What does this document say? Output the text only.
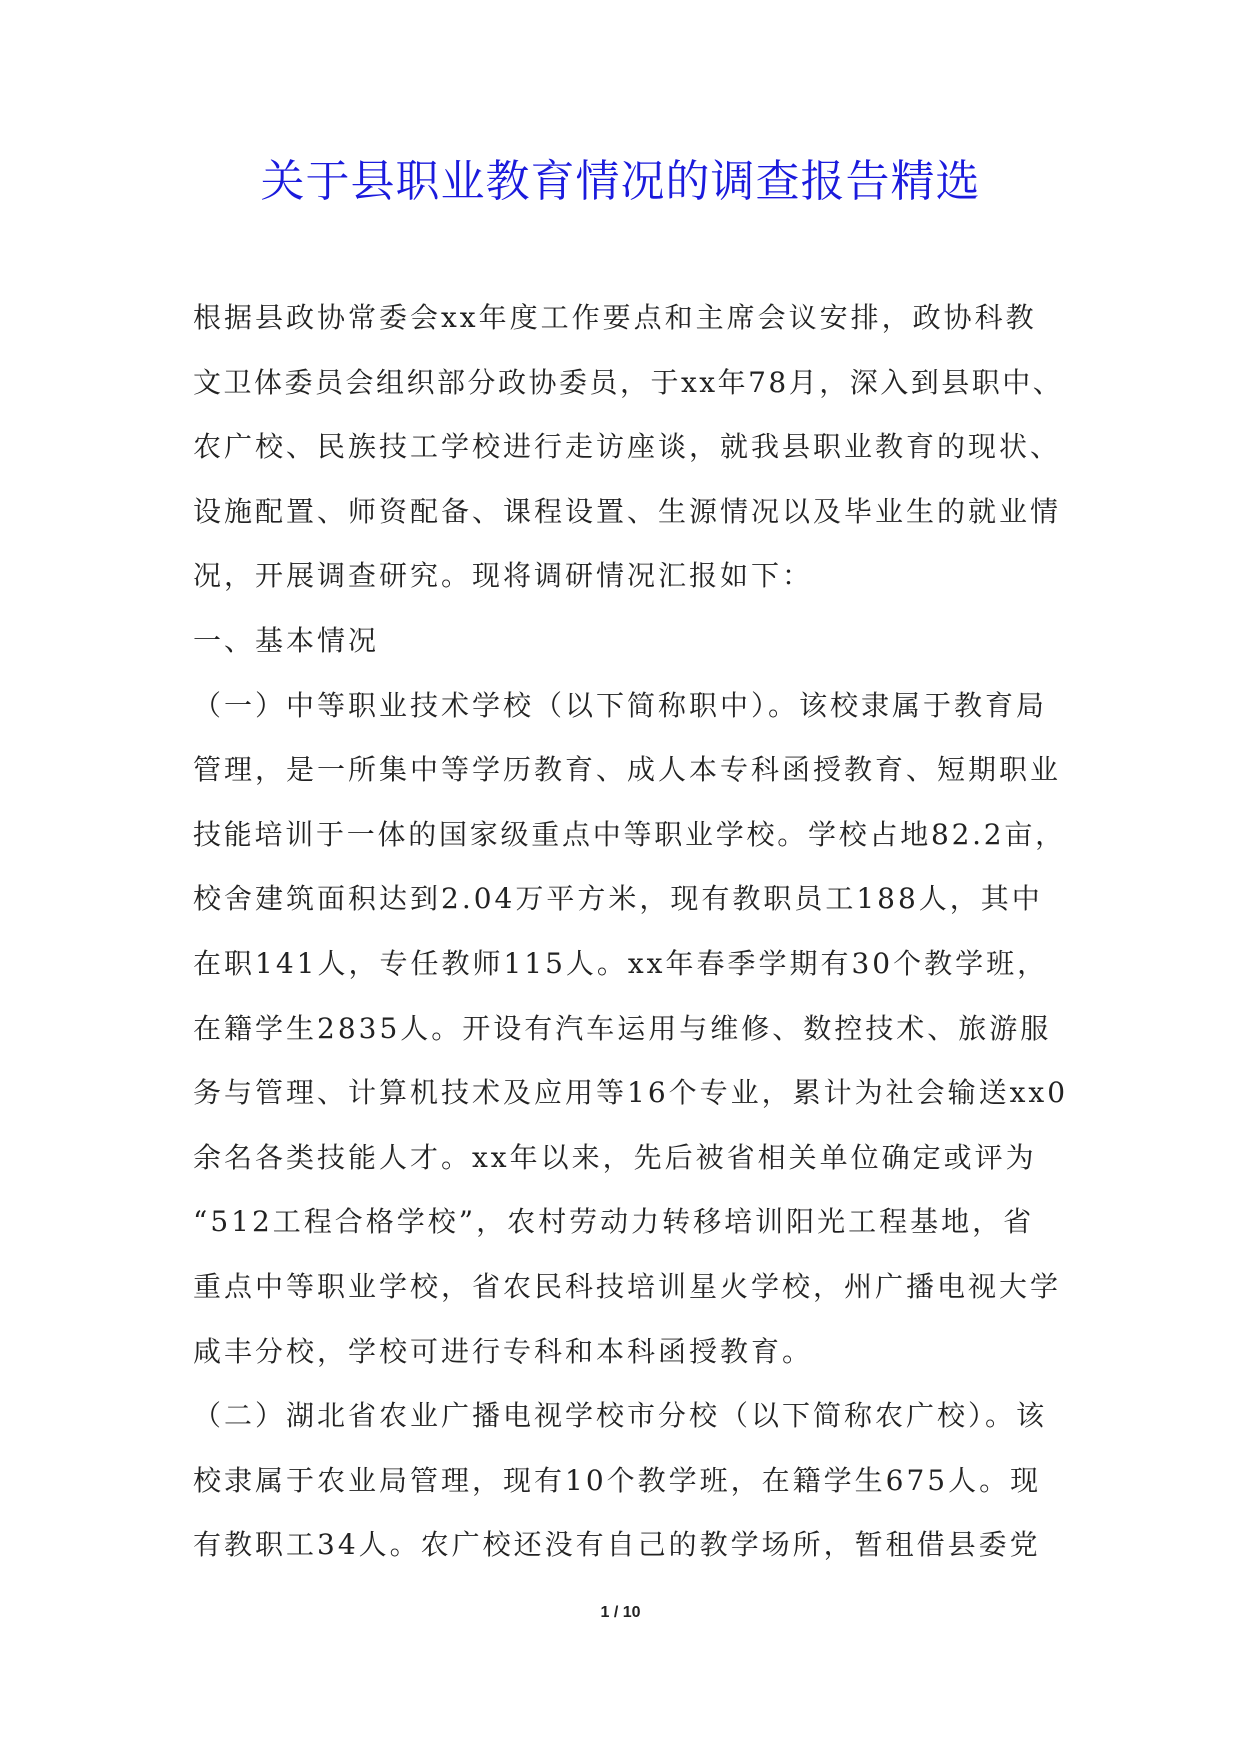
关于县职业教育情况的调查报告精选
根据县政协常委会xx年度工作要点和主席会议安排，政协科教
文卫体委员会组织部分政协委员，于xx年78月，深入到县职中、
农广校、民族技工学校进行走访座谈，就我县职业教育的现状、
设施配置、师资配备、课程设置、生源情况以及毕业生的就业情
况，开展调查研究。现将调研情况汇报如下：
一、基本情况
（一）中等职业技术学校（以下简称职中）。该校隶属于教育局
管理，是一所集中等学历教育、成人本专科函授教育、短期职业
技能培训于一体的国家级重点中等职业学校。学校占地82.2亩，
校舍建筑面积达到2.04万平方米，现有教职员工188人，其中
在职141人，专任教师115人。xx年春季学期有30个教学班，
在籍学生2835人。开设有汽车运用与维修、数控技术、旅游服
务与管理、计算机技术及应用等16个专业，累计为社会输送xx0
余名各类技能人才。xx年以来，先后被省相关单位确定或评为
“512工程合格学校”，农村劳动力转移培训阳光工程基地，省
重点中等职业学校，省农民科技培训星火学校，州广播电视大学
咸丰分校，学校可进行专科和本科函授教育。
（二）湖北省农业广播电视学校市分校（以下简称农广校）。该
校隶属于农业局管理，现有10个教学班，在籍学生675人。现
有教职工34人。农广校还没有自己的教学场所，暂租借县委党
1 / 10
